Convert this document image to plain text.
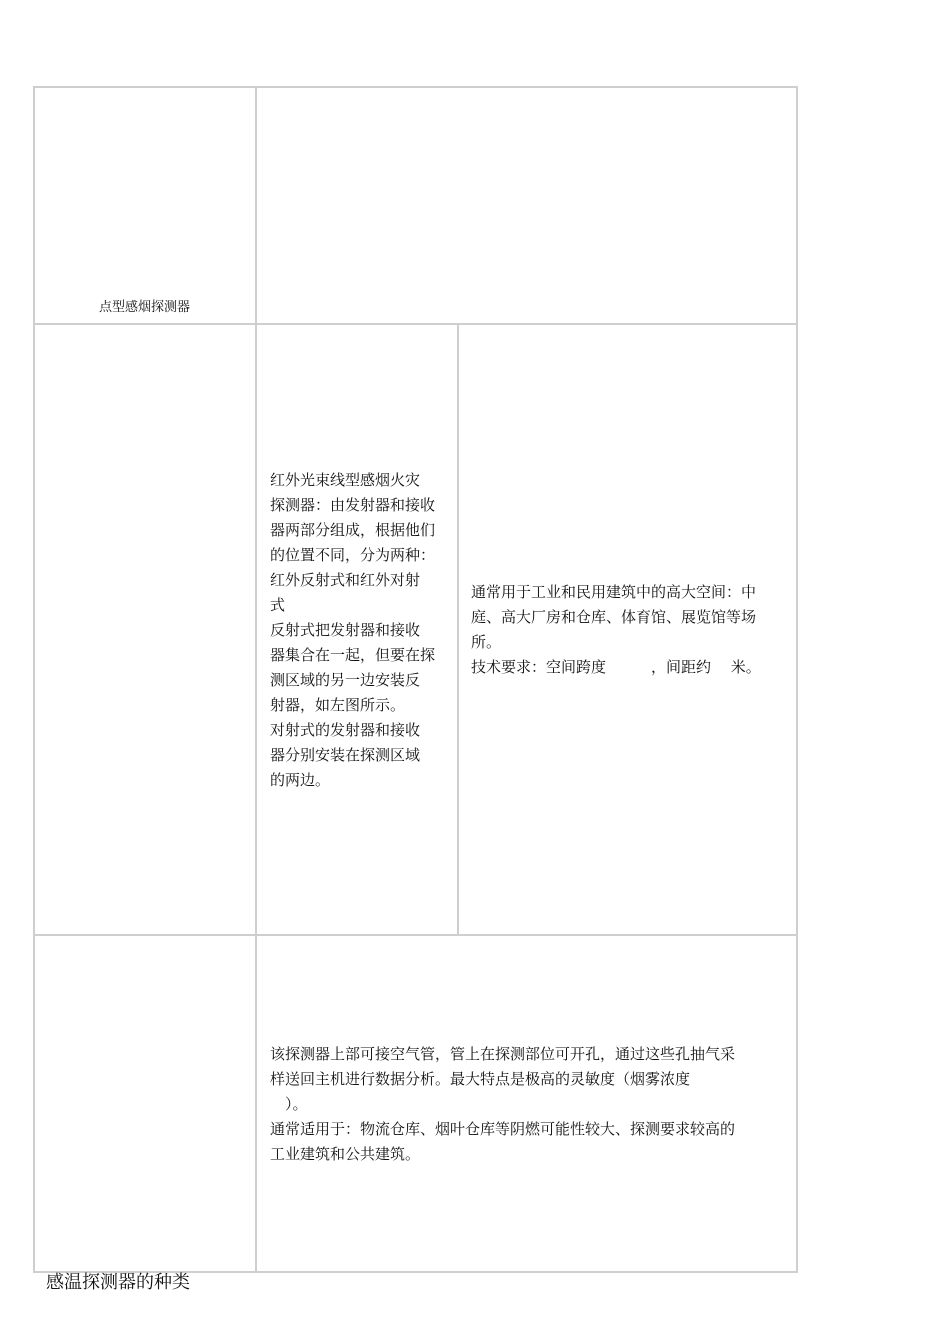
点型感烟探测器
红外光束线型感烟火灾
探测器：由发射器和接收
器两部分组成，根据他们
的位置不同，分为两种：
红外反射式和红外对射
式
反射式把发射器和接收
器集合在一起，但要在探
测区域的另一边安装反
射器，如左图所示。
对射式的发射器和接收
器分别安装在探测区域
的两边。
通常用于工业和民用建筑中的高大空间：中
庭、高大厂房和仓库、体育馆、展览馆等场
所。
技术要求：空间跨度　　　，间距约　 米。
该探测器上部可接空气管，管上在探测部位可开孔，通过这些孔抽气采
样送回主机进行数据分析。最大特点是极高的灵敏度（烟雾浓度
　）。
通常适用于：物流仓库、烟叶仓库等阴燃可能性较大、探测要求较高的
工业建筑和公共建筑。
感温探测器的种类
